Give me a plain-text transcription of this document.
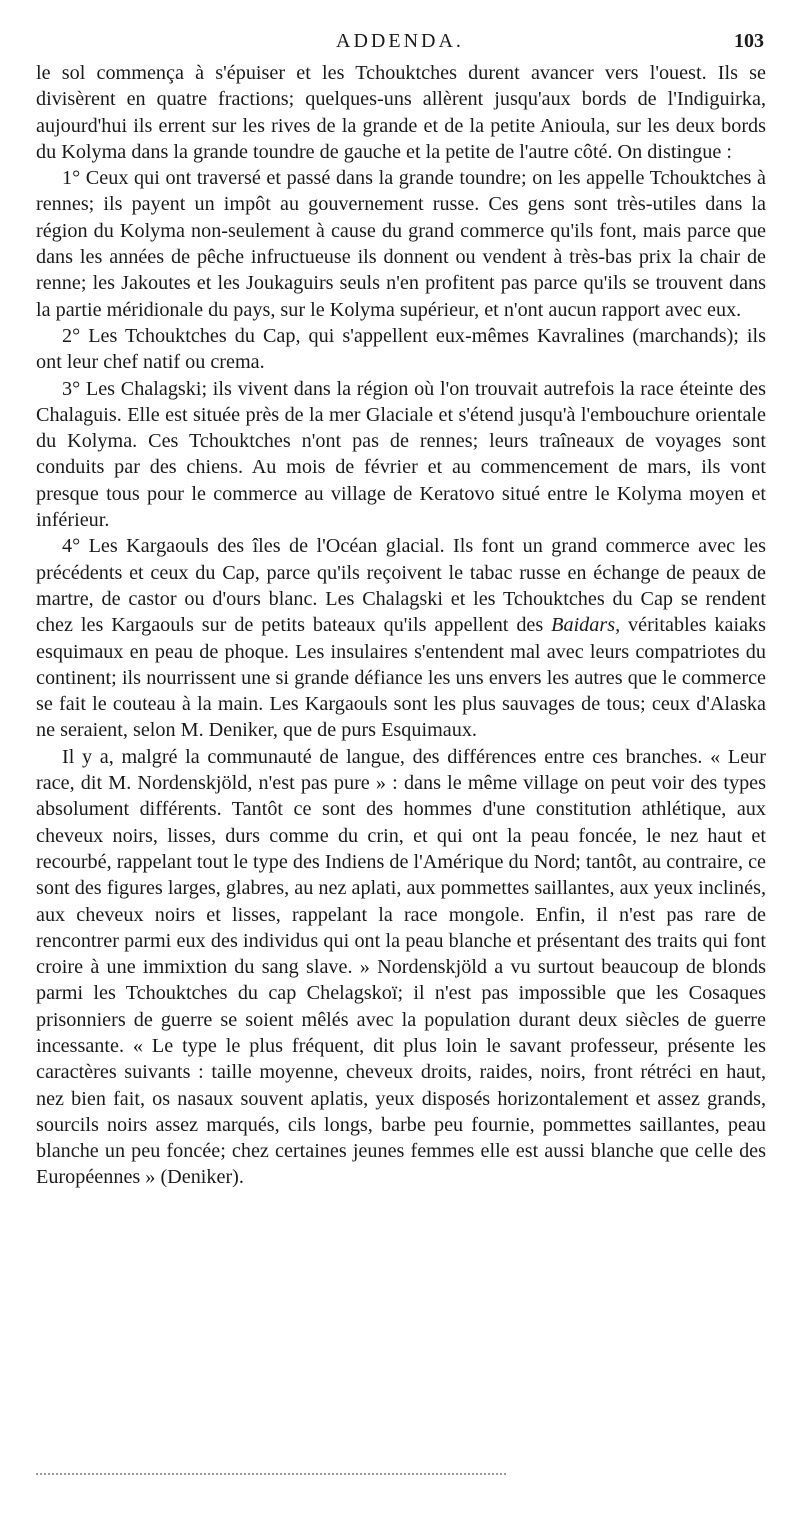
ADDENDA.	103

le sol commença à s'épuiser et les Tchouktches durent avancer vers l'ouest. Ils se divisèrent en quatre fractions; quelques-uns allèrent jusqu'aux bords de l'Indiguirka, aujourd'hui ils errent sur les rives de la grande et de la petite Anioula, sur les deux bords du Kolyma dans la grande toundre de gauche et la petite de l'autre côté. On distingue :

1° Ceux qui ont traversé et passé dans la grande toundre; on les appelle Tchouktches à rennes; ils payent un impôt au gouvernement russe. Ces gens sont très-utiles dans la région du Kolyma non-seulement à cause du grand commerce qu'ils font, mais parce que dans les années de pêche infructueuse ils donnent ou vendent à très-bas prix la chair de renne; les Jakoutes et les Joukaguirs seuls n'en profitent pas parce qu'ils se trouvent dans la partie méridionale du pays, sur le Kolyma supérieur, et n'ont aucun rapport avec eux.

2° Les Tchouktches du Cap, qui s'appellent eux-mêmes Kavralines (marchands); ils ont leur chef natif ou crema.

3° Les Chalagski; ils vivent dans la région où l'on trouvait autrefois la race éteinte des Chalaguis. Elle est située près de la mer Glaciale et s'étend jusqu'à l'embouchure orientale du Kolyma. Ces Tchouktches n'ont pas de rennes; leurs traîneaux de voyages sont conduits par des chiens. Au mois de février et au commencement de mars, ils vont presque tous pour le commerce au village de Keratovo situé entre le Kolyma moyen et inférieur.

4° Les Kargaouls des îles de l'Océan glacial. Ils font un grand commerce avec les précédents et ceux du Cap, parce qu'ils reçoivent le tabac russe en échange de peaux de martre, de castor ou d'ours blanc. Les Chalagski et les Tchouktches du Cap se rendent chez les Kargaouls sur de petits bateaux qu'ils appellent des Baidars, véritables kaiaks esquimaux en peau de phoque. Les insulaires s'entendent mal avec leurs compatriotes du continent; ils nourrissent une si grande défiance les uns envers les autres que le commerce se fait le couteau à la main. Les Kargaouls sont les plus sauvages de tous; ceux d'Alaska ne seraient, selon M. Deniker, que de purs Esquimaux.

Il y a, malgré la communauté de langue, des différences entre ces branches. « Leur race, dit M. Nordenskjöld, n'est pas pure » : dans le même village on peut voir des types absolument différents. Tantôt ce sont des hommes d'une constitution athlétique, aux cheveux noirs, lisses, durs comme du crin, et qui ont la peau foncée, le nez haut et recourbé, rappelant tout le type des Indiens de l'Amérique du Nord; tantôt, au contraire, ce sont des figures larges, glabres, au nez aplati, aux pommettes saillantes, aux yeux inclinés, aux cheveux noirs et lisses, rappelant la race mongole. Enfin, il n'est pas rare de rencontrer parmi eux des individus qui ont la peau blanche et présentant des traits qui font croire à une immixtion du sang slave. » Nordenskjöld a vu surtout beaucoup de blonds parmi les Tchouktches du cap Chelagskoï; il n'est pas impossible que les Cosaques prisonniers de guerre se soient mêlés avec la population durant deux siècles de guerre incessante. « Le type le plus fréquent, dit plus loin le savant professeur, présente les caractères suivants : taille moyenne, cheveux droits, raides, noirs, front rétréci en haut, nez bien fait, os nasaux souvent aplatis, yeux disposés horizontalement et assez grands, sourcils noirs assez marqués, cils longs, barbe peu fournie, pommettes saillantes, peau blanche un peu foncée; chez certaines jeunes femmes elle est aussi blanche que celle des Européennes » (Deniker).
